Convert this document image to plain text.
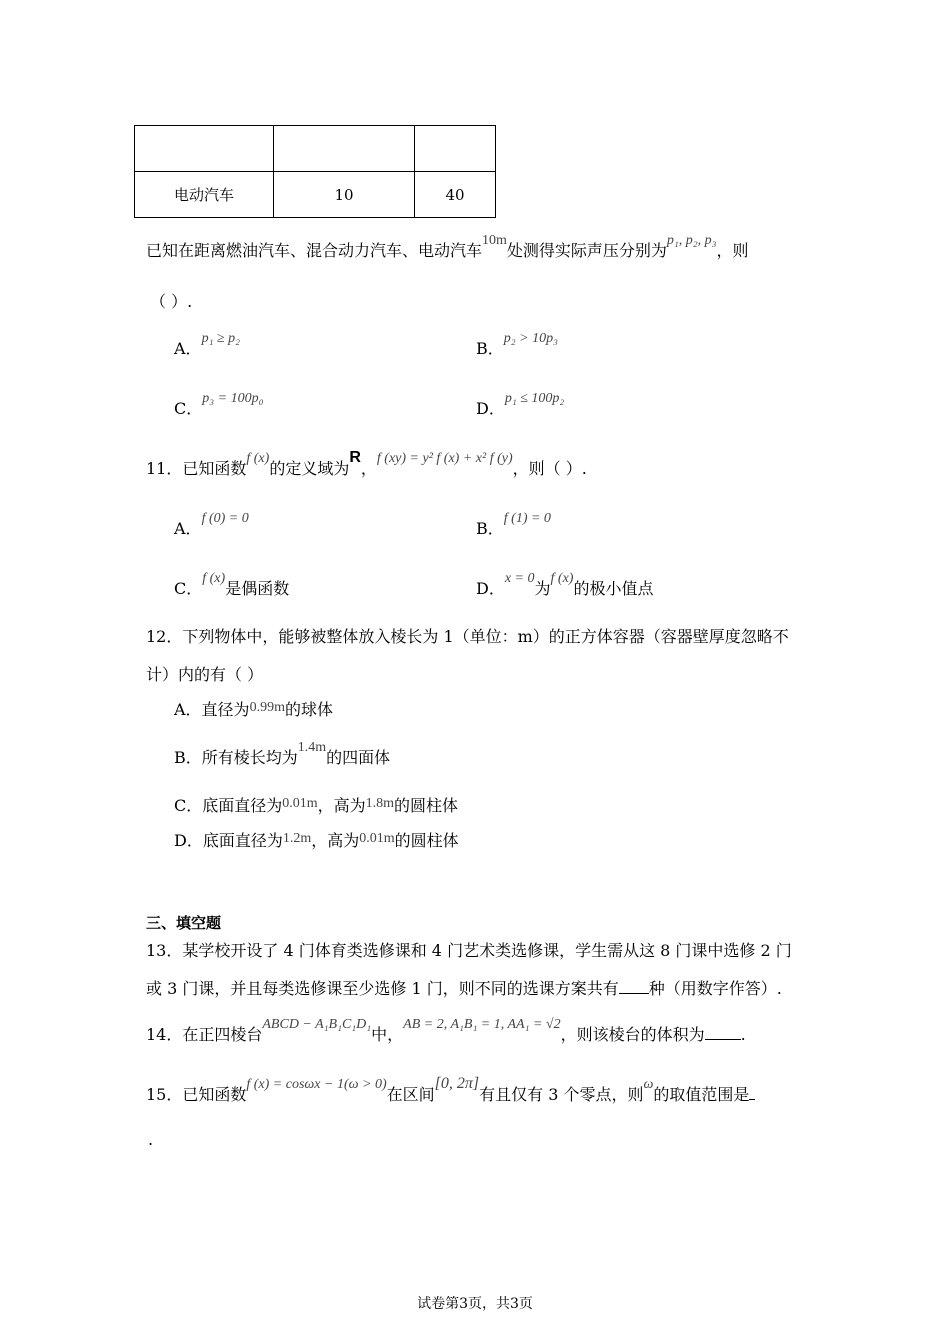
电动汽车	10	40
已知在距离燃油汽车、混合动力汽车、电动汽车10m处测得实际声压分别为p₁, p₂, p₃，则
（ ）.
A．p₁ ≥ p₂
B．p₂ > 10p₃
C．p₃ = 100p₀
D．p₁ ≤ 100p₂
11．已知函数f (x)的定义域为R，f (xy) = y² f (x) + x² f (y)，则（ ）.
A．f (0) = 0
B．f (1) = 0
C．f (x)是偶函数	D．x = 0为f (x)的极小值点
12．下列物体中，能够被整体放入棱长为 1（单位：m）的正方体容器（容器壁厚度忽略不
计）内的有（ ）
A．直径为0.99m的球体
B．所有棱长均为1.4m的四面体
C．底面直径为0.01m，高为1.8m的圆柱体
D．底面直径为1.2m，高为0.01m的圆柱体
三、填空题
13．某学校开设了 4 门体育类选修课和 4 门艺术类选修课，学生需从这 8 门课中选修 2 门
或 3 门课，并且每类选修课至少选修 1 门，则不同的选课方案共有 种（用数字作答）.
14．在正四棱台ABCD − A₁B₁C₁D₁中，AB = 2, A₁B₁ = 1, AA₁ = √2，则该棱台的体积为 .
15．已知函数f (x) = cosωx − 1(ω > 0)在区间[0, 2π]有且仅有 3 个零点，则ω的取值范围是
.
试卷第3页，共3页
